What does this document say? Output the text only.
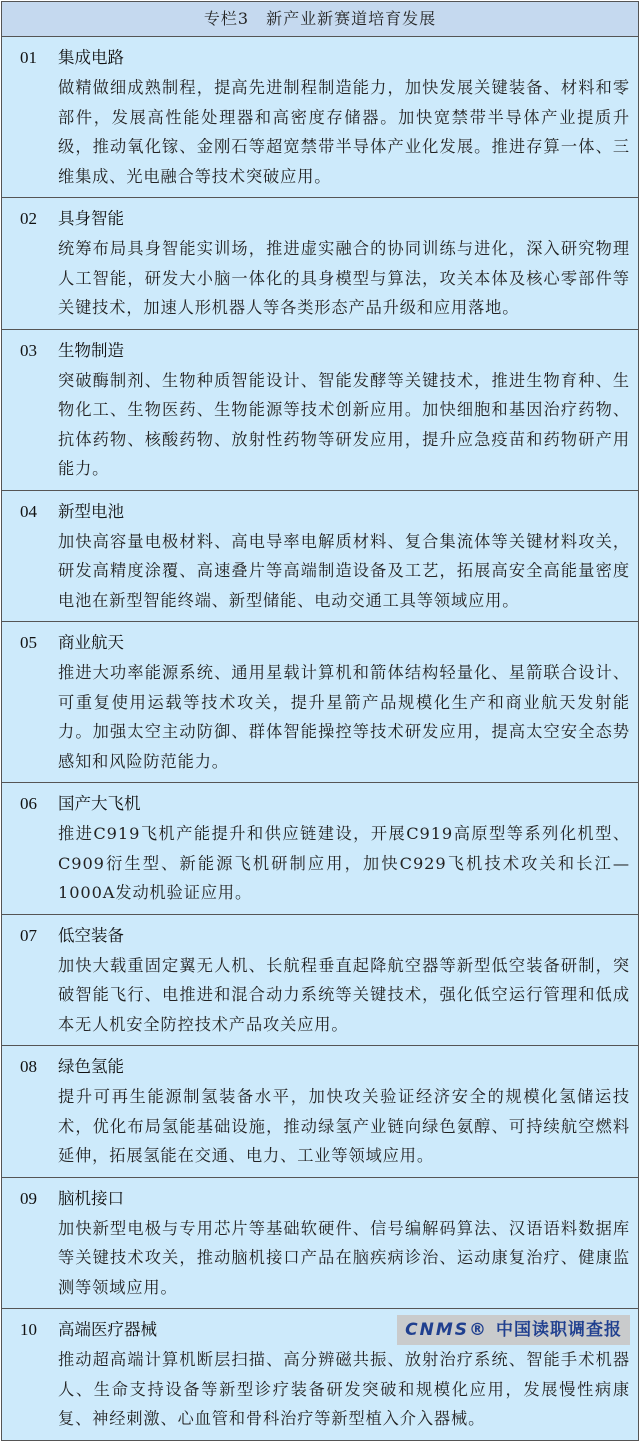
专栏3　新产业新赛道培育发展
01	集成电路
做精做细成熟制程，提高先进制程制造能力，加快发展关键装备、材料和零部件，发展高性能处理器和高密度存储器。加快宽禁带半导体产业提质升级，推动氧化镓、金刚石等超宽禁带半导体产业化发展。推进存算一体、三维集成、光电融合等技术突破应用。
02	具身智能
统筹布局具身智能实训场，推进虚实融合的协同训练与进化，深入研究物理人工智能，研发大小脑一体化的具身模型与算法，攻关本体及核心零部件等关键技术，加速人形机器人等各类形态产品升级和应用落地。
03	生物制造
突破酶制剂、生物种质智能设计、智能发酵等关键技术，推进生物育种、生物化工、生物医药、生物能源等技术创新应用。加快细胞和基因治疗药物、抗体药物、核酸药物、放射性药物等研发应用，提升应急疫苗和药物研产用能力。
04	新型电池
加快高容量电极材料、高电导率电解质材料、复合集流体等关键材料攻关，研发高精度涂覆、高速叠片等高端制造设备及工艺，拓展高安全高能量密度电池在新型智能终端、新型储能、电动交通工具等领域应用。
05	商业航天
推进大功率能源系统、通用星载计算机和箭体结构轻量化、星箭联合设计、可重复使用运载等技术攻关，提升星箭产品规模化生产和商业航天发射能力。加强太空主动防御、群体智能操控等技术研发应用，提高太空安全态势感知和风险防范能力。
06	国产大飞机
推进C919飞机产能提升和供应链建设，开展C919高原型等系列化机型、C909衍生型、新能源飞机研制应用，加快C929飞机技术攻关和长江—1000A发动机验证应用。
07	低空装备
加快大载重固定翼无人机、长航程垂直起降航空器等新型低空装备研制，突破智能飞行、电推进和混合动力系统等关键技术，强化低空运行管理和低成本无人机安全防控技术产品攻关应用。
08	绿色氢能
提升可再生能源制氢装备水平，加快攻关验证经济安全的规模化氢储运技术，优化布局氢能基础设施，推动绿氢产业链向绿色氨醇、可持续航空燃料延伸，拓展氢能在交通、电力、工业等领域应用。
09	脑机接口
加快新型电极与专用芯片等基础软硬件、信号编解码算法、汉语语料数据库等关键技术攻关，推动脑机接口产品在脑疾病诊治、运动康复治疗、健康监测等领域应用。
10	高端医疗器械	CNMS® 中国读职调查报
推动超高端计算机断层扫描、高分辨磁共振、放射治疗系统、智能手术机器人、生命支持设备等新型诊疗装备研发突破和规模化应用，发展慢性病康复、神经刺激、心血管和骨科治疗等新型植入介入器械。
